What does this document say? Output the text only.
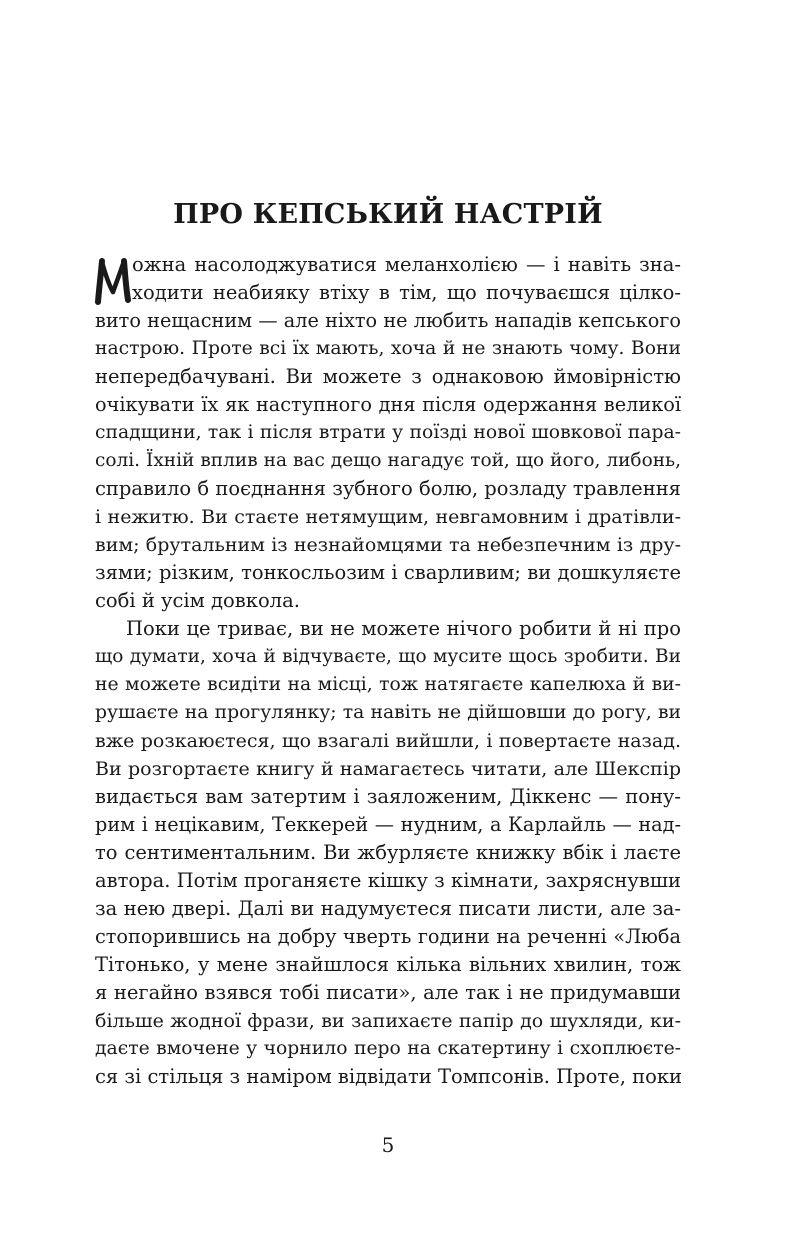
ПРО КЕПСЬКИЙ НАСТРІЙ
ожна насолоджуватися меланхолією — і навіть зна-
ходити неабияку втіху в тім, що почуваєшся цілко-
вито нещасним — але ніхто не любить нападів кепського
настрою. Проте всі їх мають, хоча й не знають чому. Вони
непередбачувані. Ви можете з однаковою ймовірністю
очікувати їх як наступного дня після одержання великої
спадщини, так і після втрати у поїзді нової шовкової пара-
солі. Їхній вплив на вас дещо нагадує той, що його, либонь,
справило б поєднання зубного болю, розладу травлення
і нежитю. Ви стаєте нетямущим, невгамовним і дратівли-
вим; брутальним із незнайомцями та небезпечним із дру-
зями; різким, тонкосльозим і сварливим; ви дошкуляєте
собі й усім довкола.
Поки це триває, ви не можете нічого робити й ні про
що думати, хоча й відчуваєте, що мусите щось зробити. Ви
не можете всидіти на місці, тож натягаєте капелюха й ви-
рушаєте на прогулянку; та навіть не дійшовши до рогу, ви
вже розкаюєтеся, що взагалі вийшли, і повертаєте назад.
Ви розгортаєте книгу й намагаєтесь читати, але Шекспір
видається вам затертим і заяложеним, Діккенс — пону-
рим і нецікавим, Теккерей — нудним, а Карлайль — над-
то сентиментальним. Ви жбурляєте книжку вбік і лаєте
автора. Потім проганяєте кішку з кімнати, захряснувши
за нею двері. Далі ви надумуєтеся писати листи, але за-
стопорившись на добру чверть години на реченні «Люба
Тітонько, у мене знайшлося кілька вільних хвилин, тож
я негайно взявся тобі писати», але так і не придумавши
більше жодної фрази, ви запихаєте папір до шухляди, ки-
даєте вмочене у чорнило перо на скатертину і схоплюєте-
ся зі стільця з наміром відвідати Томпсонів. Проте, поки
5
